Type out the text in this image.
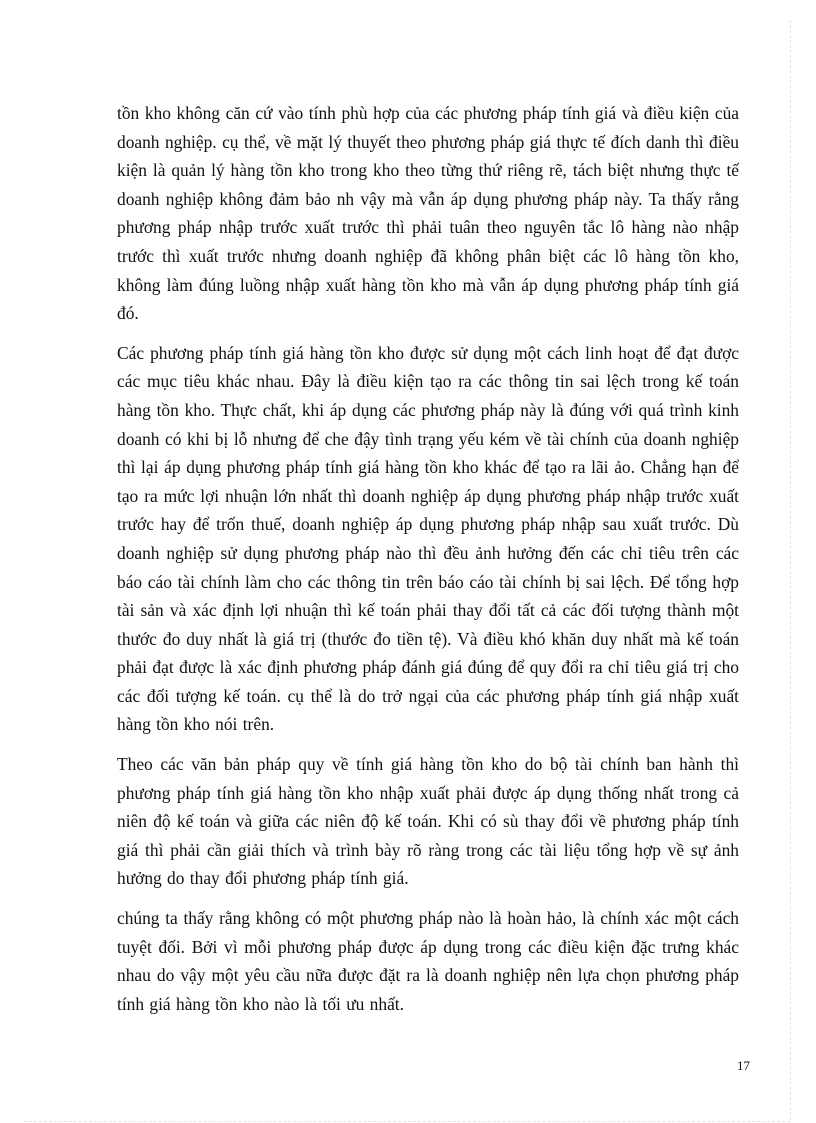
tồn kho không căn cứ vào tính phù hợp của các phương pháp tính giá và điều kiện của doanh nghiệp. cụ thể, về mặt lý thuyết theo phương pháp giá thực tế đích danh thì điều kiện là quản lý hàng tồn kho trong kho theo từng thứ riêng rẽ, tách biệt nhưng thực tế doanh nghiệp không đảm bảo nh vậy mà vẫn áp dụng phương pháp này. Ta thấy rằng phương pháp nhập trước xuất trước thì phải tuân theo nguyên tắc lô hàng nào nhập trước thì xuất trước nhưng doanh nghiệp đã không phân biệt các lô hàng tồn kho, không làm đúng luồng nhập xuất hàng tồn kho mà vẫn áp dụng phương pháp tính giá đó.

Các phương pháp tính giá hàng tồn kho được sử dụng một cách linh hoạt để đạt được các mục tiêu khác nhau. Đây là điều kiện tạo ra các thông tin sai lệch trong kế toán hàng tồn kho. Thực chất, khi áp dụng các phương pháp này là đúng với quá trình kinh doanh có khi bị lỗ nhưng để che đậy tình trạng yếu kém về tài chính của doanh nghiệp thì lại áp dụng phương pháp tính giá hàng tồn kho khác để tạo ra lãi ảo. Chẳng hạn để tạo ra mức lợi nhuận lớn nhất thì doanh nghiệp áp dụng phương pháp nhập trước xuất trước hay để trốn thuế, doanh nghiệp áp dụng phương pháp nhập sau xuất trước. Dù doanh nghiệp sử dụng phương pháp nào thì đều ảnh hưởng đến các chỉ tiêu trên các báo cáo tài chính làm cho các thông tin trên báo cáo tài chính bị sai lệch. Để tổng hợp tài sản và xác định lợi nhuận thì kế toán phải thay đổi tất cả các đối tượng thành một thước đo duy nhất là giá trị (thước đo tiền tệ). Và điều khó khăn duy nhất mà kế toán phải đạt được là xác định phương pháp đánh giá đúng để quy đổi ra chỉ tiêu giá trị cho các đối tượng kế toán. cụ thể là do trở ngại của các phương pháp tính giá nhập xuất hàng tồn kho nói trên.

Theo các văn bản pháp quy về tính giá hàng tồn kho do bộ tài chính ban hành thì phương pháp tính giá hàng tồn kho nhập xuất phải được áp dụng thống nhất trong cả niên độ kế toán và giữa các niên độ kế toán. Khi có sù thay đổi về phương pháp tính giá thì phải cần giải thích và trình bày rõ ràng trong các tài liệu tổng hợp về sự ảnh hưởng do thay đổi phương pháp tính giá.

chúng ta thấy rằng không có một phương pháp nào là hoàn hảo, là chính xác một cách tuyệt đối. Bởi vì mỗi phương pháp được áp dụng trong các điều kiện đặc trưng khác nhau do vậy một yêu cầu nữa được đặt ra là doanh nghiệp nên lựa chọn phương pháp tính giá hàng tồn kho nào là tối ưu nhất.

17
